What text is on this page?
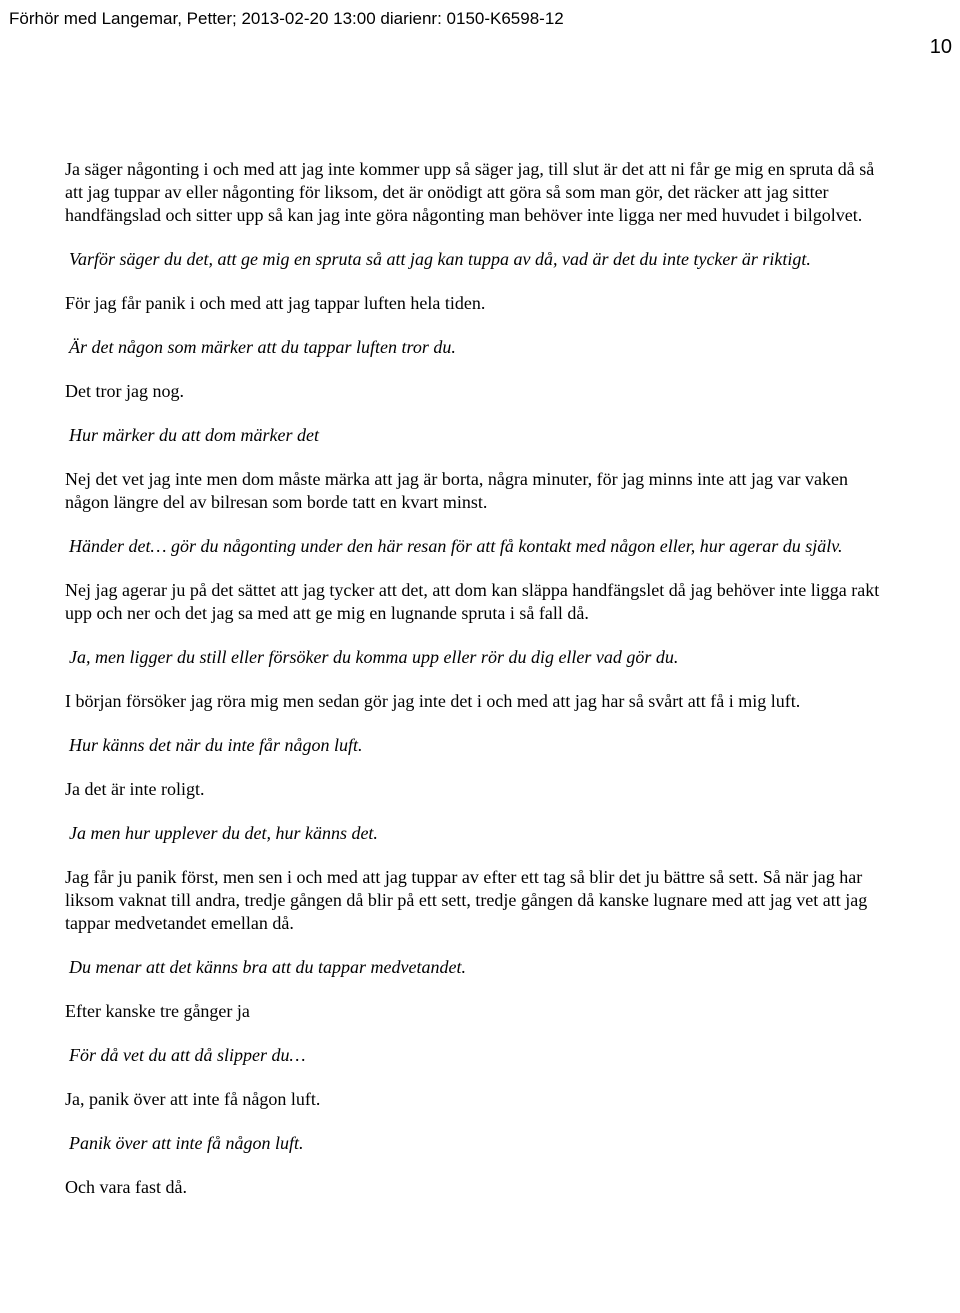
Förhör med Langemar, Petter; 2013-02-20 13:00 diarienr: 0150-K6598-12
10

Ja säger någonting i och med att jag inte kommer upp så säger jag, till slut är det att ni får ge mig en spruta då så att jag tuppar av eller någonting för liksom, det är onödigt att göra så som man gör, det räcker att jag sitter handfängslad och sitter upp så kan jag inte göra någonting man behöver inte ligga ner med huvudet i bilgolvet.

Varför säger du det, att ge mig en spruta så att jag kan tuppa av då, vad är det du inte tycker är riktigt.

För jag får panik i och med att jag tappar luften hela tiden.

Är det någon som märker att du tappar luften tror du.

Det tror jag nog.

Hur märker du att dom märker det

Nej det vet jag inte men dom måste märka att jag är borta, några minuter, för jag minns inte att jag var vaken någon längre del av bilresan som borde tatt en kvart minst.

Händer det… gör du någonting under den här resan för att få kontakt med någon eller, hur agerar du själv.

Nej jag agerar ju på det sättet att jag tycker att det, att dom kan släppa handfängslet då jag behöver inte ligga rakt upp och ner och det jag sa med att ge mig en lugnande spruta i så fall då.

Ja, men ligger du still eller försöker du komma upp eller rör du dig eller vad gör du.

I början försöker jag röra mig men sedan gör jag inte det i och med att jag har så svårt att få i mig luft.

Hur känns det när du inte får någon luft.

Ja det är inte roligt.

Ja men hur upplever du det, hur känns det.

Jag får ju panik först, men sen i och med att jag tuppar av efter ett tag så blir det ju bättre så sett. Så när jag har liksom vaknat till andra, tredje gången då blir på ett sett, tredje gången då kanske lugnare med att jag vet att jag tappar medvetandet emellan då.

Du menar att det känns bra att du tappar medvetandet.

Efter kanske tre gånger ja

För då vet du att då slipper du…

Ja, panik över att inte få någon luft.

Panik över att inte få någon luft.

Och vara fast då.
